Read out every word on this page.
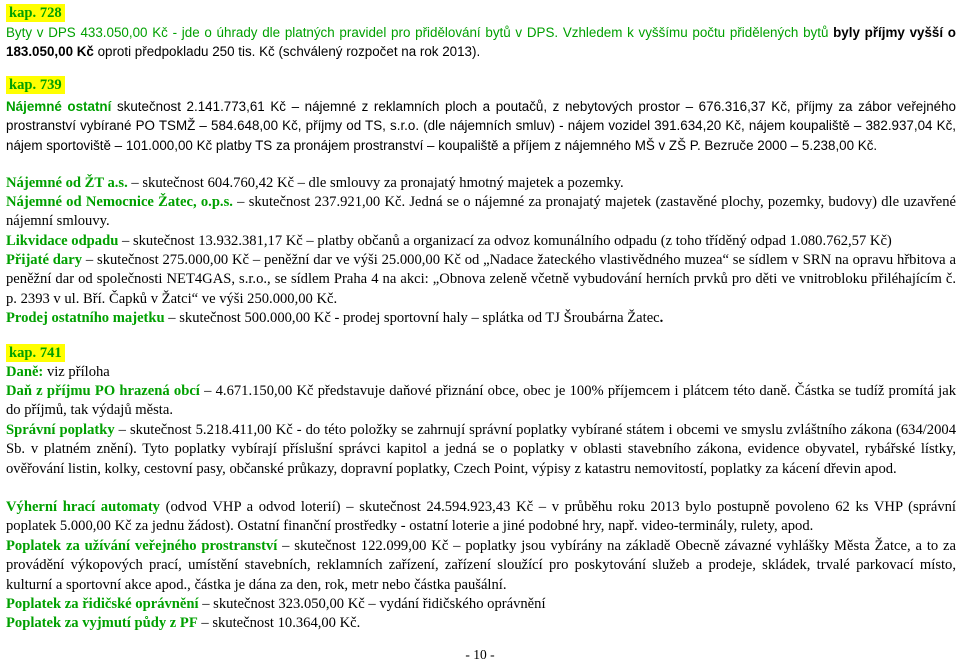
kap. 728

Byty v DPS 433.050,00 Kč - jde o úhrady dle platných pravidel pro přidělování bytů v DPS. Vzhledem k vyššímu počtu přidělených bytů byly příjmy vyšší o 183.050,00 Kč oproti předpokladu 250 tis. Kč (schválený rozpočet na rok 2013).

kap. 739

Nájemné ostatní skutečnost 2.141.773,61 Kč – nájemné z reklamních ploch a poutačů, z nebytových prostor – 676.316,37 Kč, příjmy za zábor veřejného prostranství vybírané PO TSMŽ – 584.648,00 Kč, příjmy od TS, s.r.o. (dle nájemních smluv) - nájem vozidel 391.634,20 Kč, nájem koupaliště – 382.937,04 Kč, nájem sportoviště – 101.000,00 Kč platby TS za pronájem prostranství – koupaliště a příjem z nájemného MŠ v ZŠ P. Bezruče 2000 – 5.238,00 Kč.

Nájemné od ŽT a.s. – skutečnost 604.760,42 Kč – dle smlouvy za pronajatý hmotný majetek a pozemky.

Nájemné od Nemocnice Žatec, o.p.s. – skutečnost 237.921,00 Kč. Jedná se o nájemné za pronajatý majetek (zastavěné plochy, pozemky, budovy) dle uzavřené nájemní smlouvy.

Likvidace odpadu – skutečnost 13.932.381,17 Kč – platby občanů a organizací za odvoz komunálního odpadu (z toho tříděný odpad 1.080.762,57 Kč)

Přijaté dary – skutečnost 275.000,00 Kč – peněžní dar ve výši 25.000,00 Kč od „Nadace žateckého vlastivědného muzea“ se sídlem v SRN na opravu hřbitova a peněžní dar od společnosti NET4GAS, s.r.o., se sídlem Praha 4 na akci: „Obnova zeleně včetně vybudování herních prvků pro děti ve vnitrobloku přiléhajícím č. p. 2393 v ul. Bří. Čapků v Žatci“ ve výši 250.000,00 Kč.

Prodej ostatního majetku – skutečnost 500.000,00 Kč - prodej sportovní haly – splátka od TJ Šroubárna Žatec.

kap. 741

Daně: viz příloha

Daň z příjmu PO hrazená obcí – 4.671.150,00 Kč představuje daňové přiznání obce, obec je 100% příjemcem i plátcem této daně. Částka se tudíž promítá jak do příjmů, tak výdajů města.

Správní poplatky – skutečnost 5.218.411,00 Kč - do této položky se zahrnují správní poplatky vybírané státem i obcemi ve smyslu zvláštního zákona (634/2004 Sb. v platném znění). Tyto poplatky vybírají příslušní správci kapitol a jedná se o poplatky v oblasti stavebního zákona, evidence obyvatel, rybářské lístky, ověřování listin, kolky, cestovní pasy, občanské průkazy, dopravní poplatky, Czech Point, výpisy z katastru nemovitostí, poplatky za kácení dřevin apod.

Výherní hrací automaty (odvod VHP a odvod loterií) – skutečnost 24.594.923,43 Kč – v průběhu roku 2013 bylo postupně povoleno 62 ks VHP (správní poplatek 5.000,00 Kč za jednu žádost). Ostatní finanční prostředky - ostatní loterie a jiné podobné hry, např. video-terminály, rulety, apod.

Poplatek za užívání veřejného prostranství – skutečnost 122.099,00 Kč – poplatky jsou vybírány na základě Obecně závazné vyhlášky Města Žatce, a to za provádění výkopových prací, umístění stavebních, reklamních zařízení, zařízení sloužící pro poskytování služeb a prodeje, skládek, trvalé parkovací místo, kulturní a sportovní akce apod., částka je dána za den, rok, metr nebo částka paušální.

Poplatek za řidičské oprávnění – skutečnost 323.050,00 Kč – vydání řidičského oprávnění

Poplatek za vyjmutí půdy z PF – skutečnost 10.364,00 Kč.

- 10 -
